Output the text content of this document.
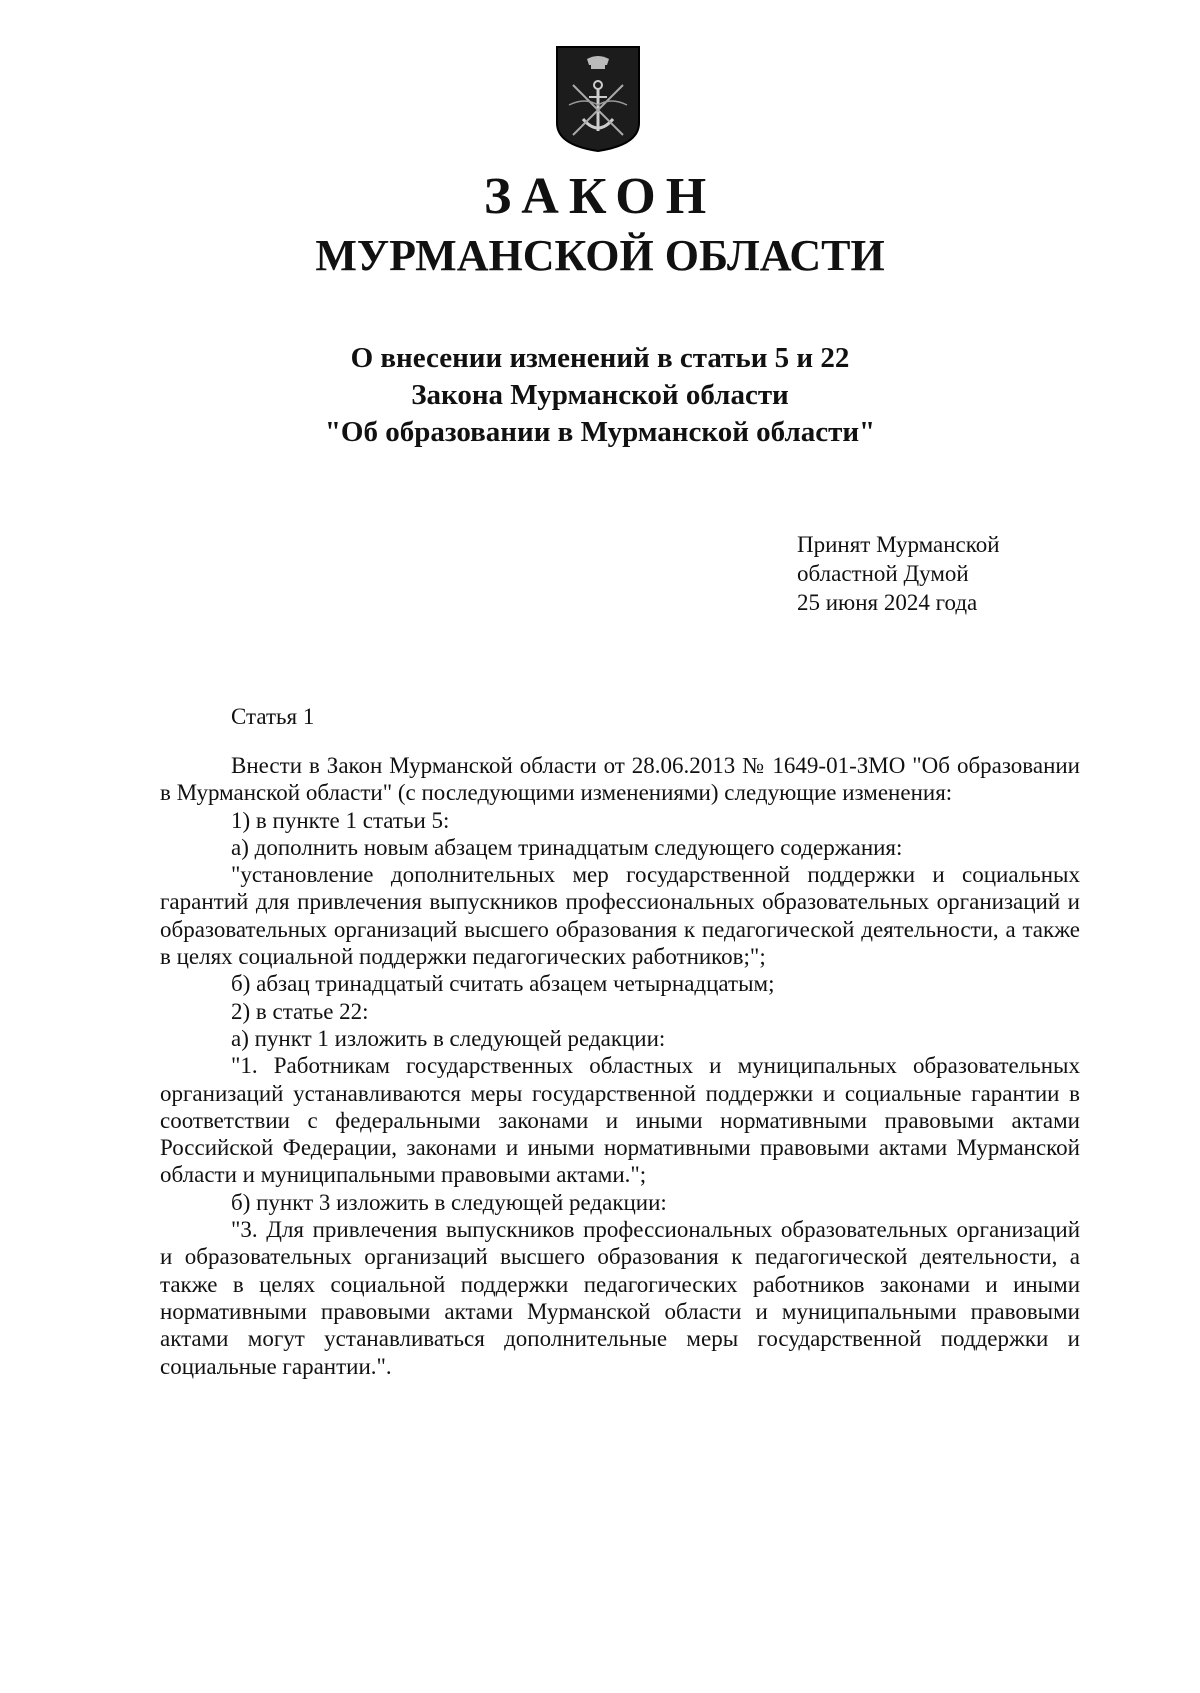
ЗАКОН
МУРМАНСКОЙ ОБЛАСТИ
О внесении изменений в статьи 5 и 22
Закона Мурманской области
"Об образовании в Мурманской области"
Принят Мурманской
областной Думой
25 июня 2024 года
Статья 1

Внести в Закон Мурманской области от 28.06.2013 № 1649-01-ЗМО "Об образовании в Мурманской области" (с последующими изменениями) следующие изменения:

1) в пункте 1 статьи 5:

а) дополнить новым абзацем тринадцатым следующего содержания:

"установление дополнительных мер государственной поддержки и социальных гарантий для привлечения выпускников профессиональных образовательных организаций и образовательных организаций высшего образования к педагогической деятельности, а также в целях социальной поддержки педагогических работников;";

б) абзац тринадцатый считать абзацем четырнадцатым;

2) в статье 22:

а) пункт 1 изложить в следующей редакции:

"1. Работникам государственных областных и муниципальных образовательных организаций устанавливаются меры государственной поддержки и социальные гарантии в соответствии с федеральными законами и иными нормативными правовыми актами Российской Федерации, законами и иными нормативными правовыми актами Мурманской области и муниципальными правовыми актами.";

б) пункт 3 изложить в следующей редакции:

"3. Для привлечения выпускников профессиональных образовательных организаций и образовательных организаций высшего образования к педагогической деятельности, а также в целях социальной поддержки педагогических работников законами и иными нормативными правовыми актами Мурманской области и муниципальными правовыми актами могут устанавливаться дополнительные меры государственной поддержки и социальные гарантии.".
